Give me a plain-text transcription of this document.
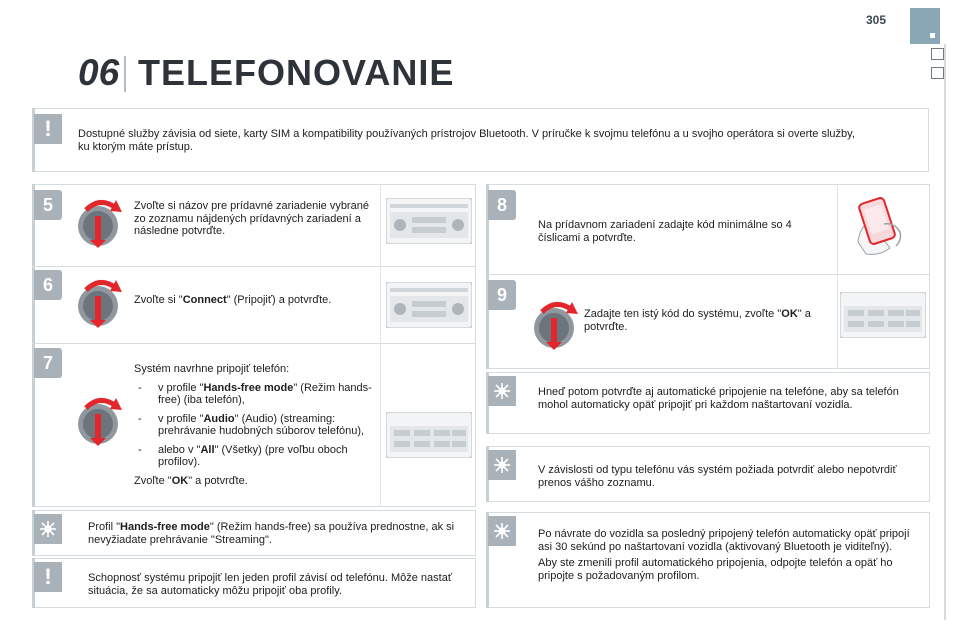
305
06 TELEFONOVANIE
! Dostupné služby závisia od siete, karty SIM a kompatibility používaných prístrojov Bluetooth. V príručke k svojmu telefónu a u svojho operátora si overte služby, ku ktorým máte prístup.
5	Zvoľte si názov pre prídavné zariadenie vybrané zo zoznamu nájdených prídavných zariadení a následne potvrďte.
6
Zvoľte si "Connect" (Pripojiť) a potvrďte.
7	Systém navrhne pripojiť telefón:
- v profile "Hands-free mode" (Režim hands-free) (iba telefón),
- v profile "Audio" (Audio) (streaming: prehrávanie hudobných súborov telefónu),
- alebo v "All" (Všetky) (pre voľbu oboch profilov).
Zvoľte "OK" a potvrďte.
Profil "Hands-free mode" (Režim hands-free) sa používa prednostne, ak si nevyžiadate prehrávanie "Streaming".
!	Schopnosť systému pripojiť len jeden profil závisí od telefónu. Môže nastať situácia, že sa automaticky môžu pripojiť oba profily.
8
Na prídavnom zariadení zadajte kód minimálne so 4 číslicami a potvrďte.
9
Zadajte ten istý kód do systému, zvoľte "OK" a potvrďte.
Hneď potom potvrďte aj automatické pripojenie na telefóne, aby sa telefón mohol automaticky opäť pripojiť pri každom naštartovaní vozidla.
V závislosti od typu telefónu vás systém požiada potvrdiť alebo nepotvrdiť prenos vášho zoznamu.
Po návrate do vozidla sa posledný pripojený telefón automaticky opäť pripojí asi 30 sekúnd po naštartovaní vozidla (aktivovaný Bluetooth je viditeľný).
Aby ste zmenili profil automatického pripojenia, odpojte telefón a opäť ho pripojte s požadovaným profilom.
